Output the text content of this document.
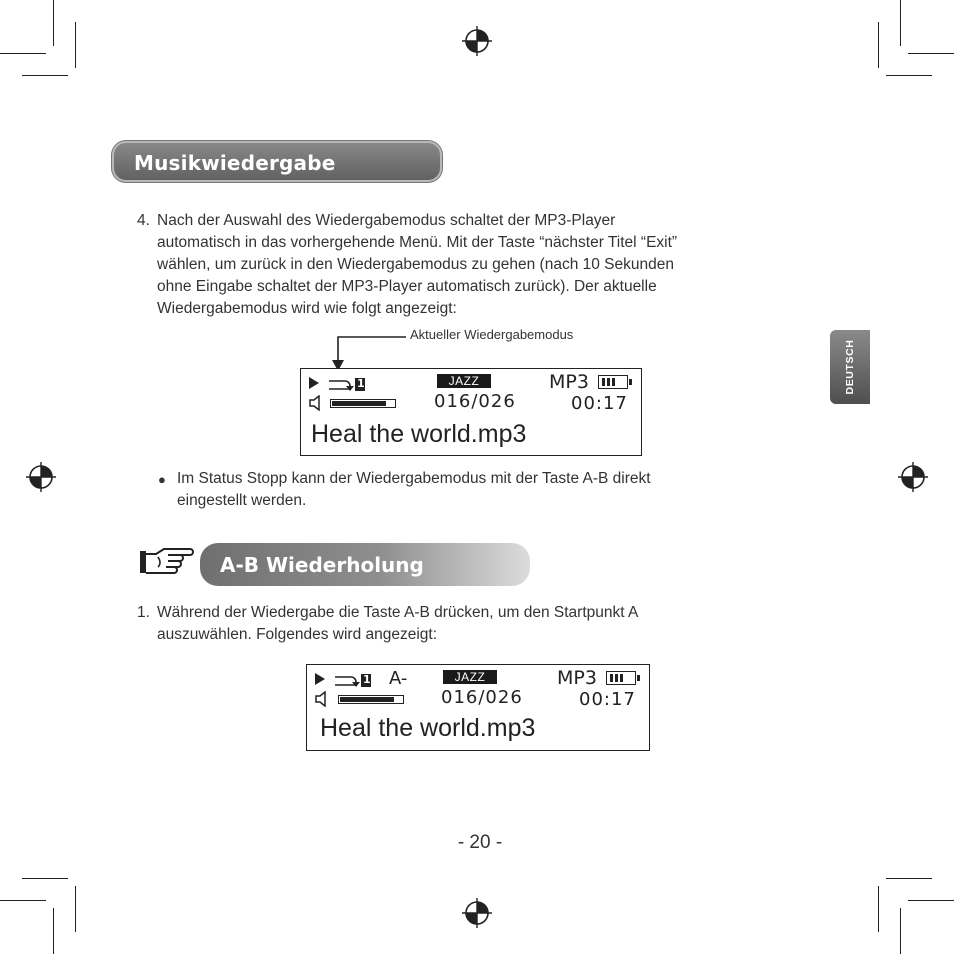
Musikwiedergabe
4. Nach der Auswahl des Wiedergabemodus schaltet der MP3-Player
automatisch in das vorhergehende Menü. Mit der Taste “nächster Titel “Exit”
wählen, um zurück in den Wiedergabemodus zu gehen (nach 10 Sekunden
ohne Eingabe schaltet der MP3-Player automatisch zurück). Der aktuelle
Wiedergabemodus wird wie folgt angezeigt:
Aktueller Wiedergabemodus
1	JAZZ	MP3
016/026	00:17
Heal the world.mp3
● Im Status Stopp kann der Wiedergabemodus mit der Taste A-B direkt
eingestellt werden.
A-B Wiederholung
1. Während der Wiedergabe die Taste A-B drücken, um den Startpunkt A
auszuwählen. Folgendes wird angezeigt:
1 A-	JAZZ	MP3
016/026	00:17
Heal the world.mp3
DEUTSCH
- 20 -
